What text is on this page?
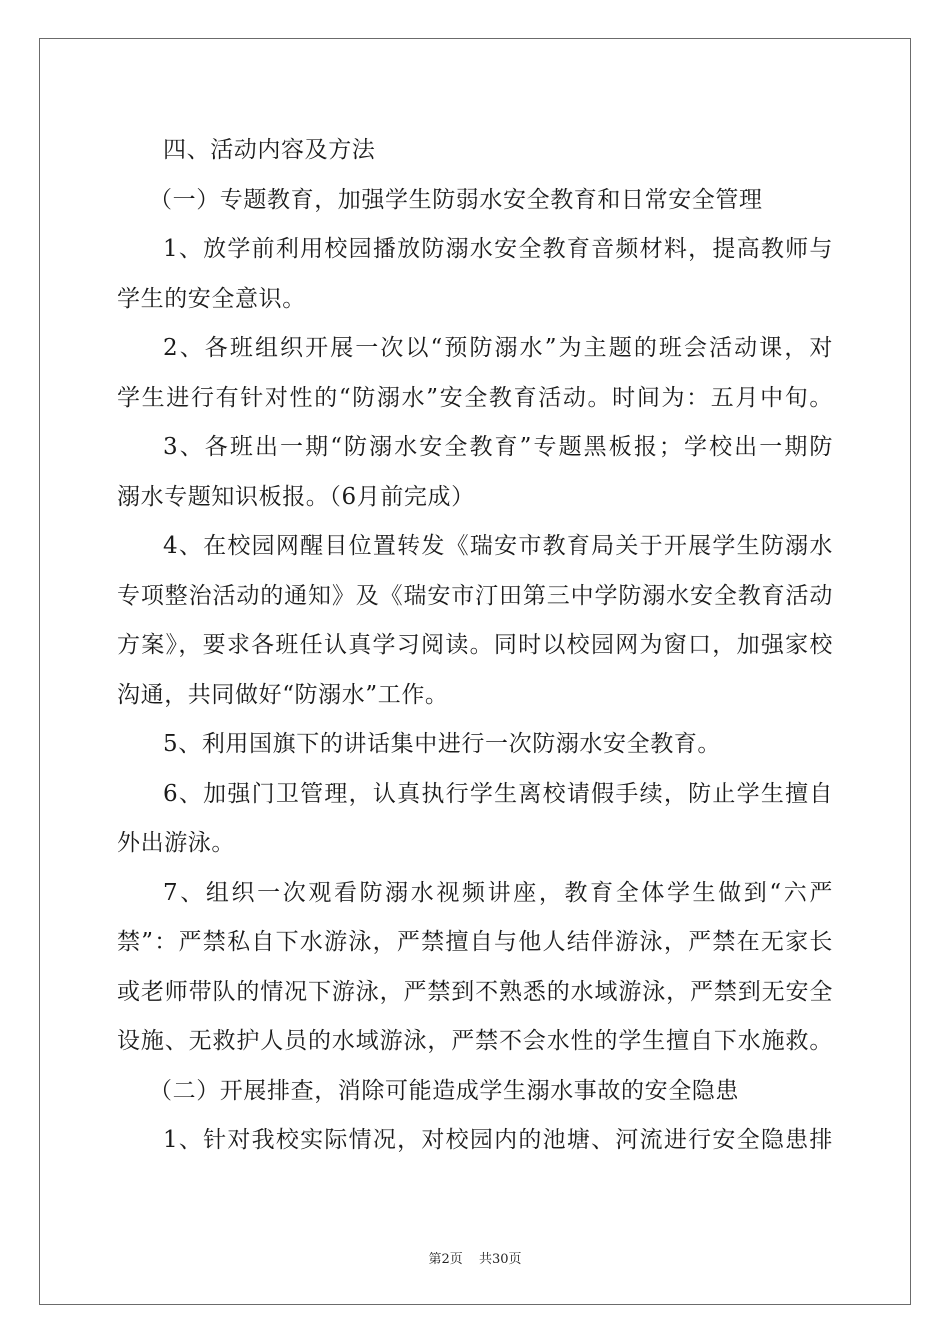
四、活动内容及方法
（一）专题教育，加强学生防弱水安全教育和日常安全管理
1、放学前利用校园播放防溺水安全教育音频材料，提高教师与
学生的安全意识。
2、各班组织开展一次以“预防溺水”为主题的班会活动课，对
学生进行有针对性的“防溺水”安全教育活动。时间为：五月中旬。
3、各班出一期“防溺水安全教育”专题黑板报；学校出一期防
溺水专题知识板报。（6月前完成）
4、在校园网醒目位置转发《瑞安市教育局关于开展学生防溺水
专项整治活动的通知》及《瑞安市汀田第三中学防溺水安全教育活动
方案》，要求各班任认真学习阅读。同时以校园网为窗口，加强家校
沟通，共同做好“防溺水”工作。
5、利用国旗下的讲话集中进行一次防溺水安全教育。
6、加强门卫管理，认真执行学生离校请假手续，防止学生擅自
外出游泳。
7、组织一次观看防溺水视频讲座，教育全体学生做到“六严
禁”：严禁私自下水游泳，严禁擅自与他人结伴游泳，严禁在无家长
或老师带队的情况下游泳，严禁到不熟悉的水域游泳，严禁到无安全
设施、无救护人员的水域游泳，严禁不会水性的学生擅自下水施救。
（二）开展排查，消除可能造成学生溺水事故的安全隐患
1、针对我校实际情况，对校园内的池塘、河流进行安全隐患排
第2页 共30页
